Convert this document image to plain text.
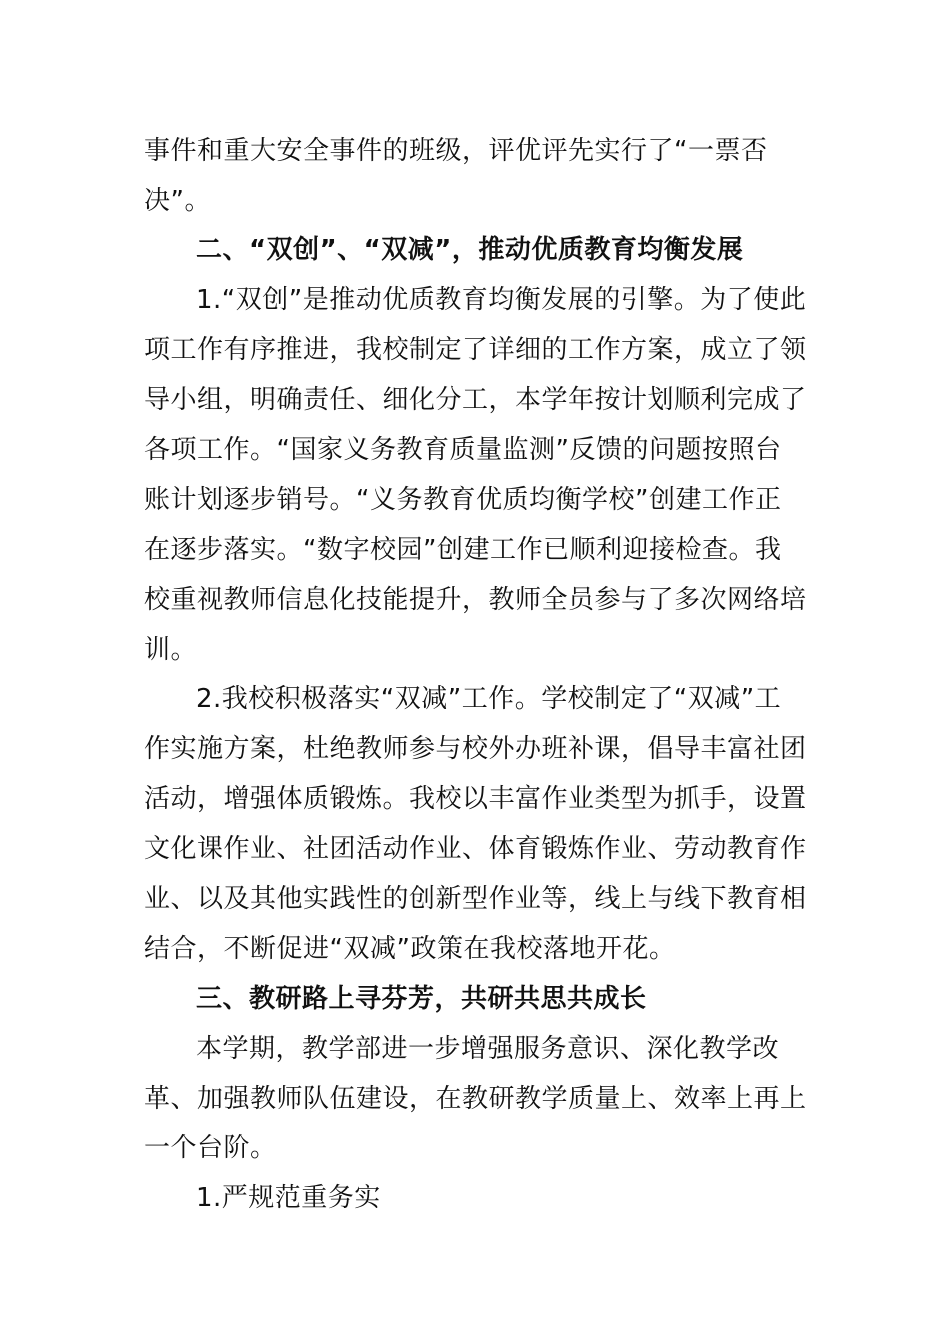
事件和重大安全事件的班级，评优评先实行了“一票否
决”。
二、“双创”、“双减”，推动优质教育均衡发展
1.“双创”是推动优质教育均衡发展的引擎。为了使此
项工作有序推进，我校制定了详细的工作方案，成立了领
导小组，明确责任、细化分工，本学年按计划顺利完成了
各项工作。“国家义务教育质量监测”反馈的问题按照台
账计划逐步销号。“义务教育优质均衡学校”创建工作正
在逐步落实。“数字校园”创建工作已顺利迎接检查。我
校重视教师信息化技能提升，教师全员参与了多次网络培
训。
2.我校积极落实“双减”工作。学校制定了“双减”工
作实施方案，杜绝教师参与校外办班补课，倡导丰富社团
活动，增强体质锻炼。我校以丰富作业类型为抓手，设置
文化课作业、社团活动作业、体育锻炼作业、劳动教育作
业、以及其他实践性的创新型作业等，线上与线下教育相
结合，不断促进“双减”政策在我校落地开花。
三、教研路上寻芬芳，共研共思共成长
本学期，教学部进一步增强服务意识、深化教学改
革、加强教师队伍建设，在教研教学质量上、效率上再上
一个台阶。
1.严规范重务实
